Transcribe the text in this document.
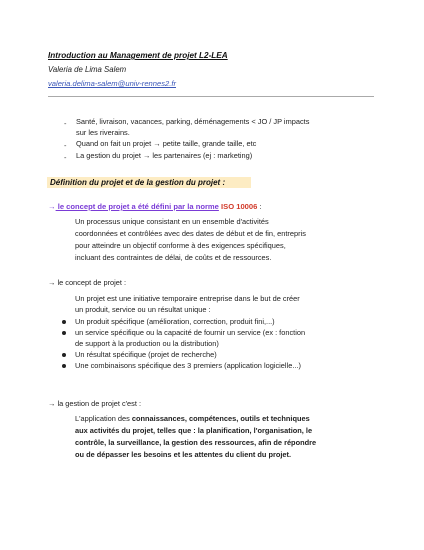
Introduction au Management de projet L2-LEA
Valeria de Lima Salem
valeria.delima-salem@univ-rennes2.fr
- Santé, livraison, vacances, parking, déménagements < JO / JP impacts
sur les riverains.
- Quand on fait un projet → petite taille, grande taille, etc
- La gestion du projet → les partenaires (ej : marketing)
Définition du projet et de la gestion du projet :
→ le concept de projet a été défini par la norme ISO 10006 :
Un processus unique consistant en un ensemble d'activités
coordonnées et contrôlées avec des dates de début et de fin, entrepris
pour atteindre un objectif conforme à des exigences spécifiques,
incluant des contraintes de délai, de coûts et de ressources.
→ le concept de projet :
Un projet est une initiative temporaire entreprise dans le but de créer
un produit, service ou un résultat unique :
Un produit spécifique (amélioration, correction, produit fini,...)
un service spécifique ou la capacité de fournir un service (ex : fonction
de support à la production ou la distribution)
Un résultat spécifique (projet de recherche)
Une combinaisons spécifique des 3 premiers (application logicielle...)
→ la gestion de projet c'est :
L'application des connaissances, compétences, outils et techniques
aux activités du projet, telles que : la planification, l'organisation, le
contrôle, la surveillance, la gestion des ressources, afin de répondre
ou de dépasser les besoins et les attentes du client du projet.
